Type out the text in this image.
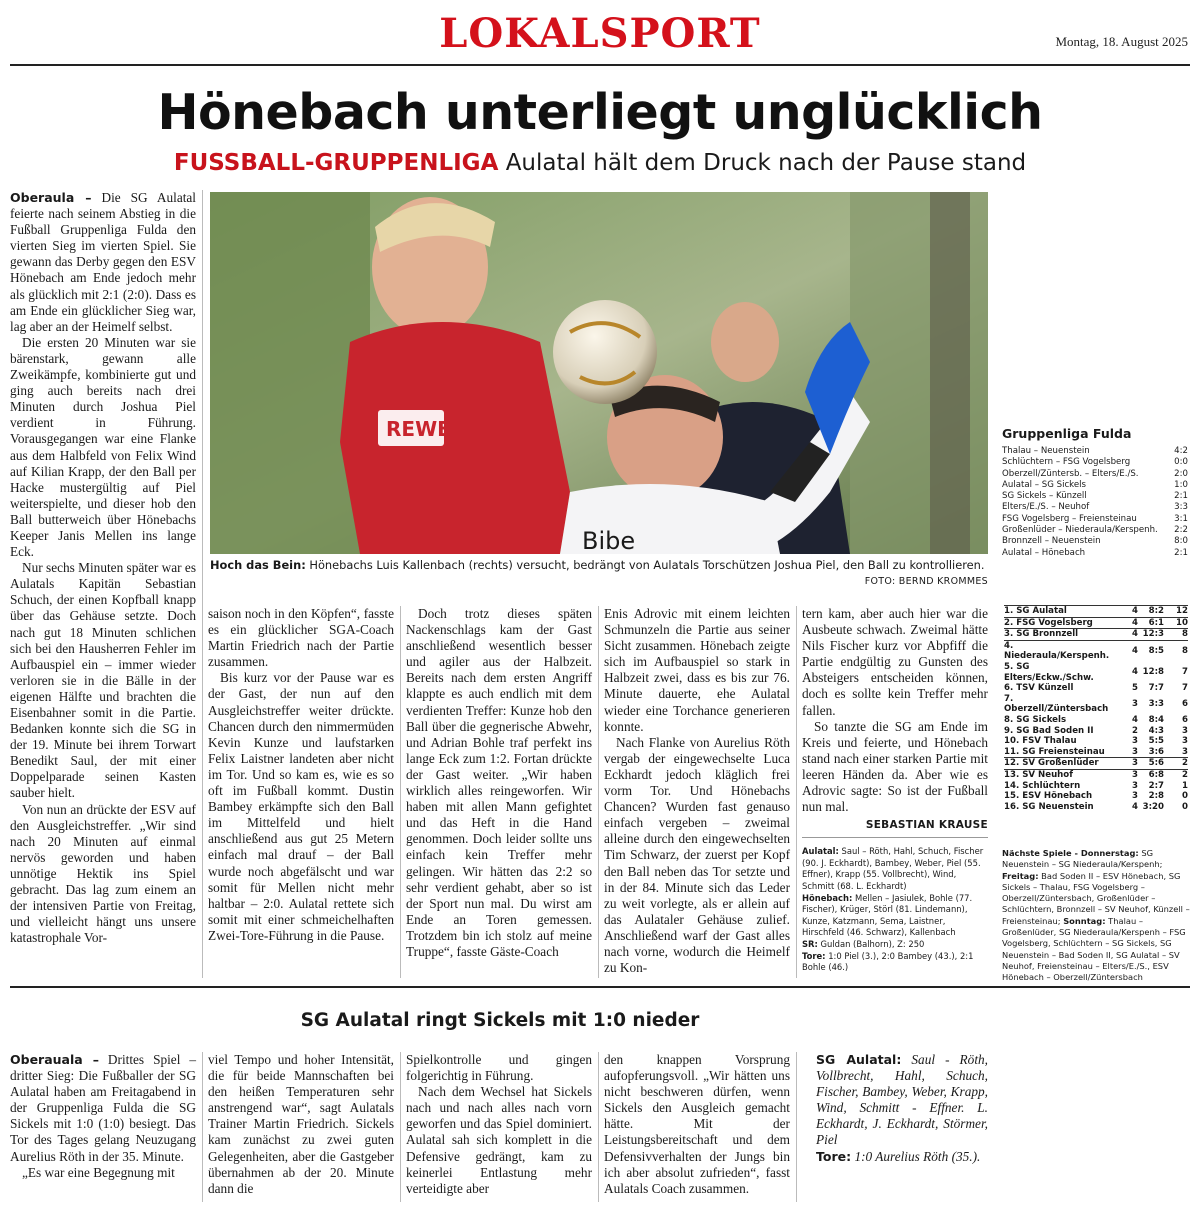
LOKALSPORT	Montag, 18. August 2025
Hönebach unterliegt unglücklich
FUSSBALL-GRUPPENLIGA Aulatal hält dem Druck nach der Pause stand

Oberaula – Die SG Aulatal feierte nach seinem Abstieg in die Fußball Gruppenliga Fulda den vierten Sieg im vierten Spiel. Sie gewann das Derby gegen den ESV Hönebach am Ende jedoch mehr als glücklich mit 2:1 (2:0). Dass es am Ende ein glücklicher Sieg war, lag aber an der Heimelf selbst.

Die ersten 20 Minuten war sie bärenstark, gewann alle Zweikämpfe, kombinierte gut und ging auch bereits nach drei Minuten durch Joshua Piel verdient in Führung. Vorausgegangen war eine Flanke aus dem Halbfeld von Felix Wind auf Kilian Krapp, der den Ball per Hacke mustergültig auf Piel weiterspielte, und dieser hob den Ball butterweich über Hönebachs Keeper Janis Mellen ins lange Eck.

Nur sechs Minuten später war es Aulatals Kapitän Sebastian Schuch, der einen Kopfball knapp über das Gehäuse setzte. Doch nach gut 18 Minuten schlichen sich bei den Hausherren Fehler im Aufbauspiel ein – immer wieder verloren sie in die Bälle in der eigenen Hälfte und brachten die Eisenbahner somit in die Partie. Bedanken konnte sich die SG in der 19. Minute bei ihrem Torwart Benedikt Saul, der mit einer Doppelparade seinen Kasten sauber hielt.

Von nun an drückte der ESV auf den Ausgleichstreffer. „Wir sind nach 20 Minuten auf einmal nervös geworden und haben unnötige Hektik ins Spiel gebracht. Das lag zum einem an der intensiven Partie von Freitag, und vielleicht hängt uns unsere katastrophale Vor-

REWE
Bibe
Hoch das Bein: Hönebachs Luis Kallenbach (rechts) versucht, bedrängt von Aulatals Torschützen Joshua Piel, den Ball zu kontrollieren.
FOTO: BERND KROMMES

saison noch in den Köpfen“, fasste es ein glücklicher SGA-Coach Martin Friedrich nach der Partie zusammen.

Bis kurz vor der Pause war es der Gast, der nun auf den Ausgleichstreffer weiter drückte. Chancen durch den nimmermüden Kevin Kunze und laufstarken Felix Laistner landeten aber nicht im Tor. Und so kam es, wie es so oft im Fußball kommt. Dustin Bambey erkämpfte sich den Ball im Mittelfeld und hielt anschließend aus gut 25 Metern einfach mal drauf – der Ball wurde noch abgefälscht und war somit für Mellen nicht mehr haltbar – 2:0. Aulatal rettete sich somit mit einer schmeichelhaften Zwei-Tore-Führung in die Pause.

Doch trotz dieses späten Nackenschlags kam der Gast anschließend wesentlich besser und agiler aus der Halbzeit. Bereits nach dem ersten Angriff klappte es auch endlich mit dem verdienten Treffer: Kunze hob den Ball über die gegnerische Abwehr, und Adrian Bohle traf perfekt ins lange Eck zum 1:2. Fortan drückte der Gast weiter. „Wir haben wirklich alles reingeworfen. Wir haben mit allen Mann gefightet und das Heft in die Hand genommen. Doch leider sollte uns einfach kein Treffer mehr gelingen. Wir hätten das 2:2 so sehr verdient gehabt, aber so ist der Sport nun mal. Du wirst am Ende an Toren gemessen. Trotzdem bin ich stolz auf meine Truppe“, fasste Gäste-Coach

Enis Adrovic mit einem leichten Schmunzeln die Partie aus seiner Sicht zusammen. Hönebach zeigte sich im Aufbauspiel so stark in Halbzeit zwei, dass es bis zur 76. Minute dauerte, ehe Aulatal wieder eine Torchance generieren konnte.

Nach Flanke von Aurelius Röth vergab der eingewechselte Luca Eckhardt jedoch kläglich frei vorm Tor. Und Hönebachs Chancen? Wurden fast genauso einfach vergeben – zweimal alleine durch den eingewechselten Tim Schwarz, der zuerst per Kopf den Ball neben das Tor setzte und in der 84. Minute sich das Leder zu weit vorlegte, als er allein auf das Aulataler Gehäuse zulief. Anschließend warf der Gast alles nach vorne, wodurch die Heimelf zu Kon-

tern kam, aber auch hier war die Ausbeute schwach. Zweimal hätte Nils Fischer kurz vor Abpfiff die Partie endgültig zu Gunsten des Absteigers entscheiden können, doch es sollte kein Treffer mehr fallen.

So tanzte die SG am Ende im Kreis und feierte, und Hönebach stand nach einer starken Partie mit leeren Händen da. Aber wie es Adrovic sagte: So ist der Fußball nun mal.

SEBASTIAN KRAUSE
Aulatal: Saul – Röth, Hahl, Schuch, Fischer (90. J. Eckhardt), Bambey, Weber, Piel (55. Effner), Krapp (55. Vollbrecht), Wind, Schmitt (68. L. Eckhardt)
Hönebach: Mellen – Jasiulek, Bohle (77. Fischer), Krüger, Störl (81. Lindemann), Kunze, Katzmann, Sema, Laistner, Hirschfeld (46. Schwarz), Kallenbach
SR: Guldan (Balhorn), Z: 250
Tore: 1:0 Piel (3.), 2:0 Bambey (43.), 2:1 Bohle (46.)
Gruppenliga Fulda
Thalau – Neuenstein	4:2
Schlüchtern – FSG Vogelsberg	0:0
Oberzell/Züntersb. – Elters/E./S.	2:0
Aulatal – SG Sickels	1:0
SG Sickels – Künzell	2:1
Elters/E./S. – Neuhof	3:3
FSG Vogelsberg – Freiensteinau	3:1
Großenlüder – Niederaula/Kerspenh. 2:2
Bronnzell – Neuenstein	8:0
Aulatal – Hönebach	2:1
1. SG Aulatal	4	8:2	12
2. FSG Vogelsberg	4	6:1	10
3. SG Bronnzell	4 12:3	8
4. Niederaula/Kerspenh.
4	8:5	8
5. SG Elters/Eckw./Schw.
4 12:8	7
6. TSV Künzell	5	7:7	7
7. Oberzell/Züntersbach
3	3:3	6
8. SG Sickels	4	8:4	6
9. SG Bad Soden II	2	4:3	3
10. FSV Thalau	3	5:5	3
11. SG Freiensteinau	3	3:6	3
12. SV Großenlüder	3	5:6	2
13. SV Neuhof	3	6:8	2
14. Schlüchtern	3	2:7	1
15. ESV Hönebach	3	2:8	0
16. SG Neuenstein	4 3:20	0
Nächste Spiele - Donnerstag: SG Neuenstein – SG Niederaula/Kerspenh; Freitag: Bad Soden II – ESV Hönebach, SG Sickels – Thalau, FSG Vogelsberg – Oberzell/Züntersbach, Großenlüder – Schlüchtern, Bronnzell – SV Neuhof, Künzell – Freiensteinau; Sonntag: Thalau – Großenlüder, SG Niederaula/Kerspenh – FSG Vogelsberg, Schlüchtern – SG Sickels, SG Neuenstein – Bad Soden II, SG Aulatal – SV Neuhof, Freiensteinau – Elters/E./S., ESV Hönebach – Oberzell/Züntersbach
SG Aulatal ringt Sickels mit 1:0 nieder

Oberauala – Drittes Spiel – dritter Sieg: Die Fußballer der SG Aulatal haben am Freitagabend in der Gruppenliga Fulda die SG Sickels mit 1:0 (1:0) besiegt. Das Tor des Tages gelang Neuzugang Aurelius Röth in der 35. Minute.

„Es war eine Begegnung mit

viel Tempo und hoher Intensität, die für beide Mannschaften bei den heißen Temperaturen sehr anstrengend war“, sagt Aulatals Trainer Martin Friedrich. Sickels kam zunächst zu zwei guten Gelegenheiten, aber die Gastgeber übernahmen ab der 20. Minute dann die

Spielkontrolle und gingen folgerichtig in Führung.

Nach dem Wechsel hat Sickels nach und nach alles nach vorn geworfen und das Spiel dominiert. Aulatal sah sich komplett in die Defensive gedrängt, kam zu keinerlei Entlastung mehr verteidigte aber

den knappen Vorsprung aufopferungsvoll. „Wir hätten uns nicht beschweren dürfen, wenn Sickels den Ausgleich gemacht hätte. Mit der Leistungsbereitschaft und dem Defensivverhalten der Jungs bin ich aber absolut zufrieden“, fasst Aulatals Coach zusammen.

SG Aulatal: Saul - Röth, Vollbrecht, Hahl, Schuch, Fischer, Bambey, Weber, Krapp, Wind, Schmitt - Effner. L. Eckhardt, J. Eckhardt, Störmer, Piel

Tore: 1:0 Aurelius Röth (35.).
